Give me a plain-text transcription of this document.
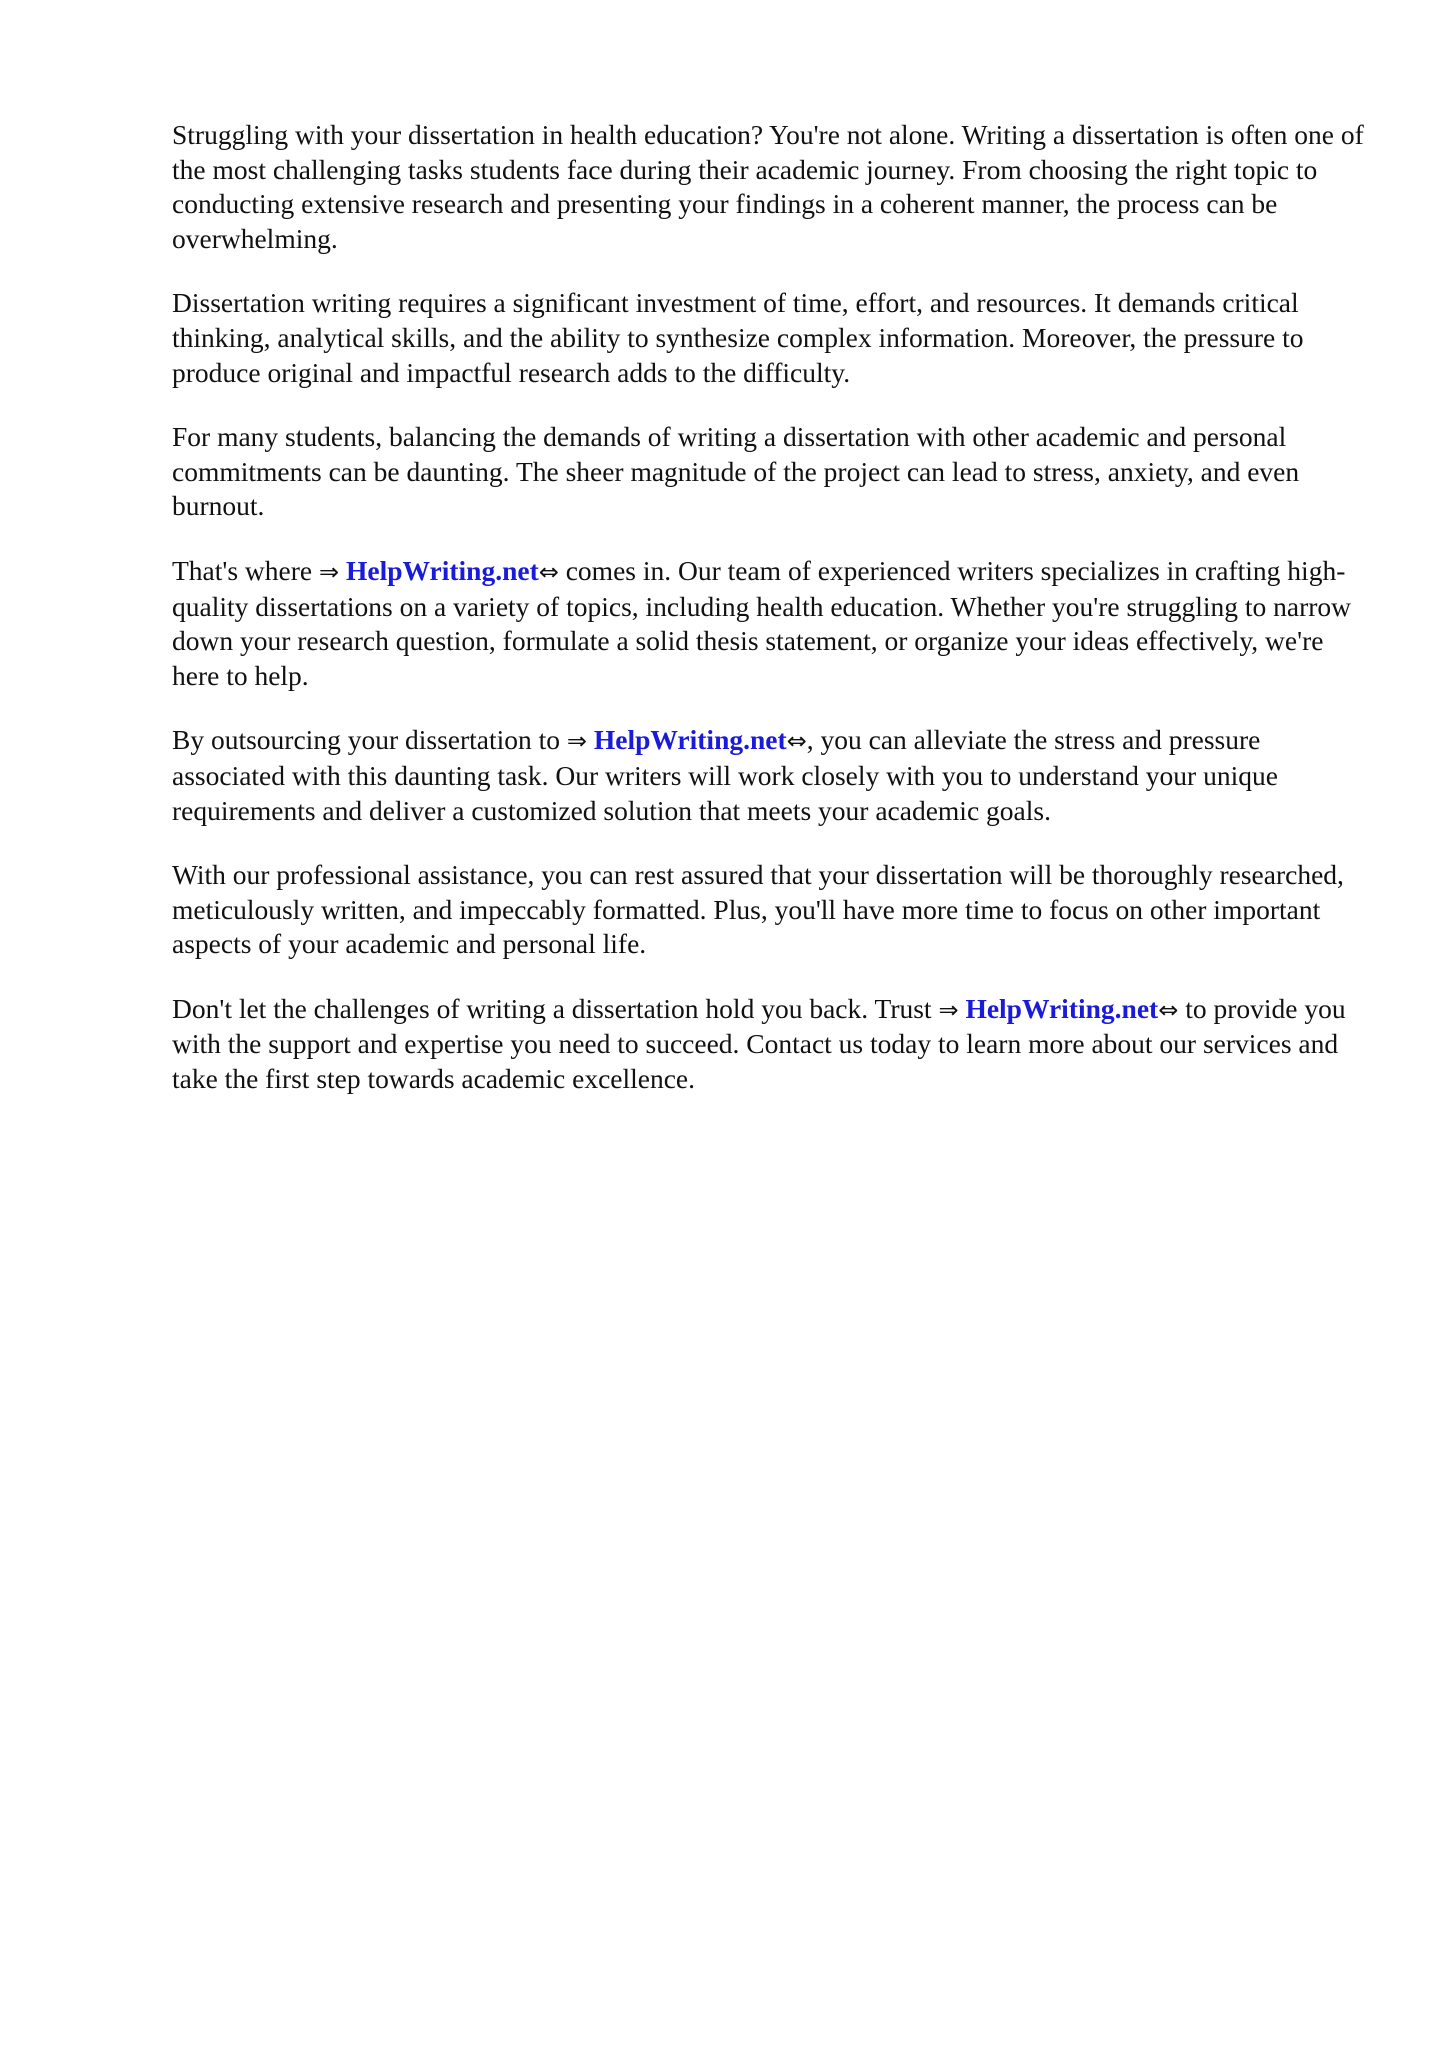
Struggling with your dissertation in health education? You're not alone. Writing a dissertation is often one of the most challenging tasks students face during their academic journey. From choosing the right topic to conducting extensive research and presenting your findings in a coherent manner, the process can be overwhelming.

Dissertation writing requires a significant investment of time, effort, and resources. It demands critical thinking, analytical skills, and the ability to synthesize complex information. Moreover, the pressure to produce original and impactful research adds to the difficulty.

For many students, balancing the demands of writing a dissertation with other academic and personal commitments can be daunting. The sheer magnitude of the project can lead to stress, anxiety, and even burnout.

That's where ⇒ HelpWriting.net⇔ comes in. Our team of experienced writers specializes in crafting high-quality dissertations on a variety of topics, including health education. Whether you're struggling to narrow down your research question, formulate a solid thesis statement, or organize your ideas effectively, we're here to help.

By outsourcing your dissertation to ⇒ HelpWriting.net⇔, you can alleviate the stress and pressure associated with this daunting task. Our writers will work closely with you to understand your unique requirements and deliver a customized solution that meets your academic goals.

With our professional assistance, you can rest assured that your dissertation will be thoroughly researched, meticulously written, and impeccably formatted. Plus, you'll have more time to focus on other important aspects of your academic and personal life.

Don't let the challenges of writing a dissertation hold you back. Trust ⇒ HelpWriting.net⇔ to provide you with the support and expertise you need to succeed. Contact us today to learn more about our services and take the first step towards academic excellence.
